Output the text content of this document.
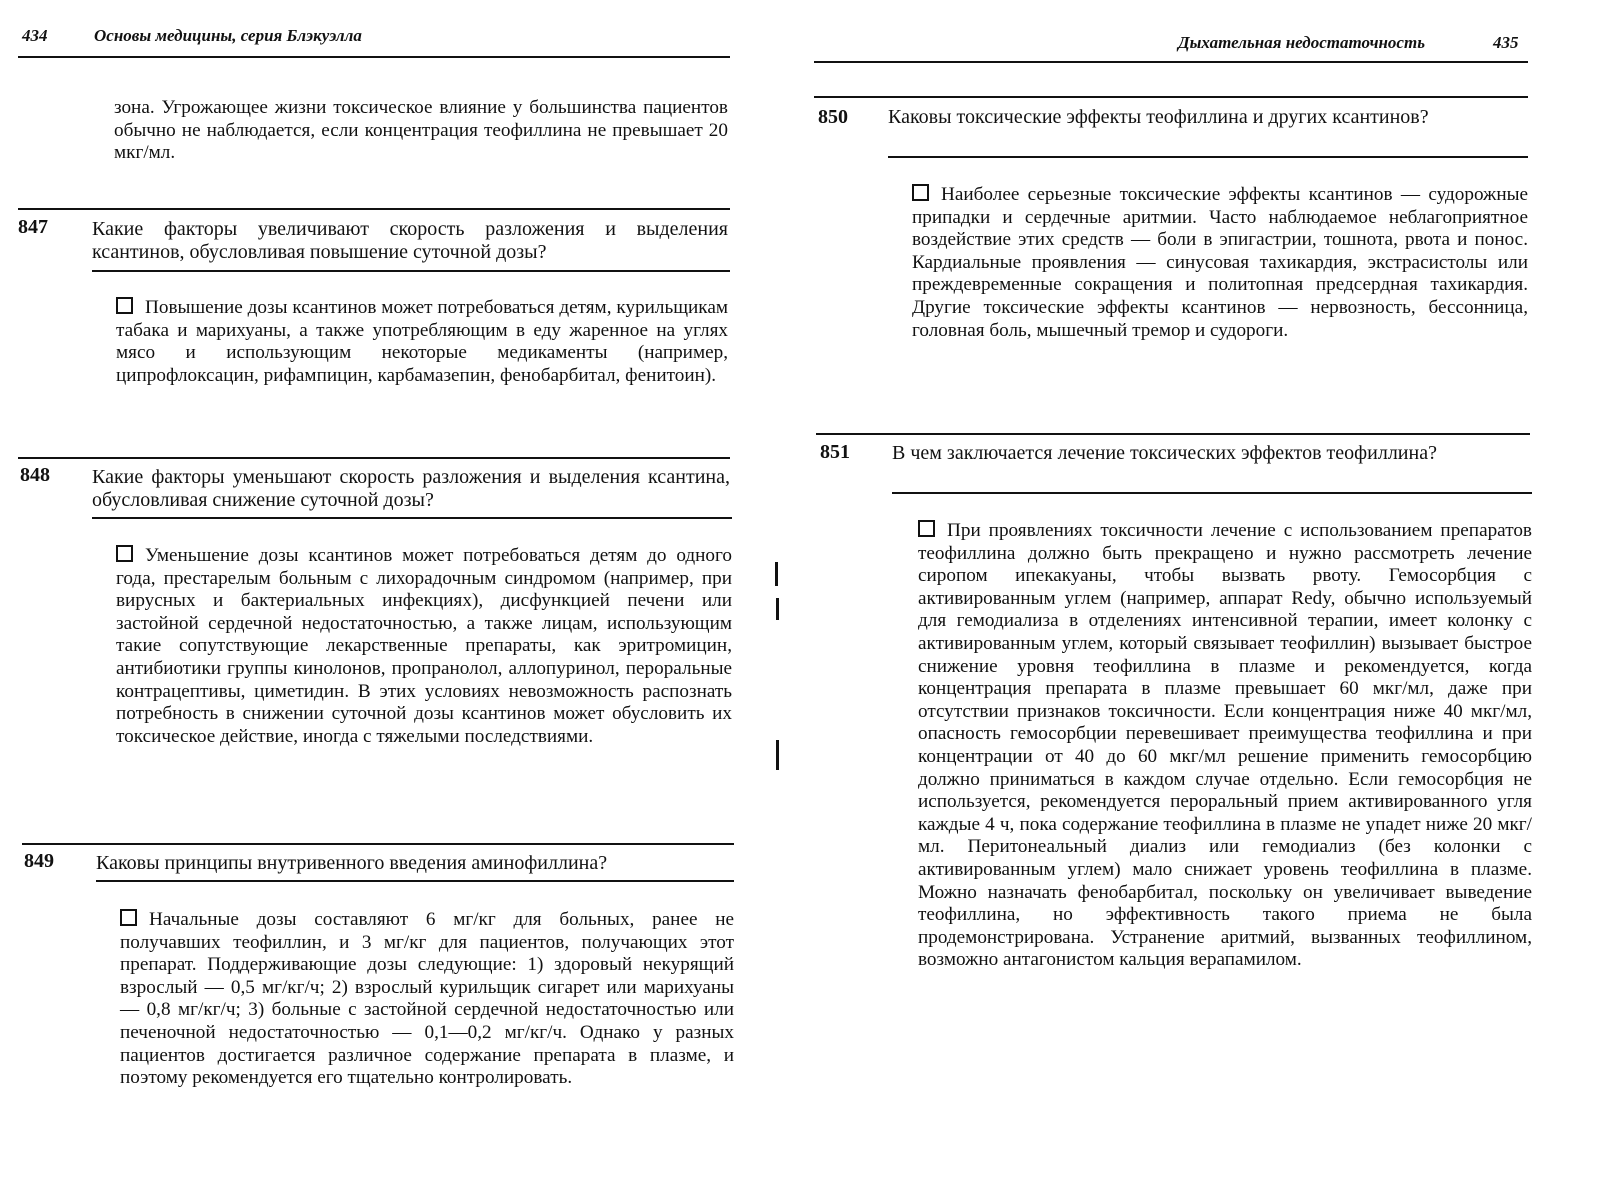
434	Основы медицины, серия Блэкуэлла
зона. Угрожающее жизни токсическое влияние у большинства пациентов обычно не наблюдается, если концентрация теофиллина не превышает 20 мкг/мл.
847 Какие факторы увеличивают скорость разложения и выделения ксантинов, обусловливая повышение суточной дозы?
Повышение дозы ксантинов может потребоваться детям, курильщикам табака и марихуаны, а также употребляющим в еду жаренное на углях мясо и использующим некоторые медикаменты (например, ципрофлоксацин, рифампицин, карбамазепин, фенобарбитал, фенитоин).
848 Какие факторы уменьшают скорость разложения и выделения ксантина, обусловливая снижение суточной дозы?
Уменьшение дозы ксантинов может потребоваться детям до одного года, престарелым больным с лихорадочным синдромом (например, при вирусных и бактериальных инфекциях), дисфункцией печени или застойной сердечной недостаточностью, а также лицам, использующим такие сопутствующие лекарственные препараты, как эритромицин, антибиотики группы кинолонов, пропранолол, аллопуринол, пероральные контрацептивы, циметидин. В этих условиях невозможность распознать потребность в снижении суточной дозы ксантинов может обусловить их токсическое действие, иногда с тяжелыми последствиями.
849 Каковы принципы внутривенного введения аминофиллина?
Начальные дозы составляют 6 мг/кг для больных, ранее не получавших теофиллин, и 3 мг/кг для пациентов, получающих этот препарат. Поддерживающие дозы следующие: 1) здоровый некурящий взрослый — 0,5 мг/кг/ч; 2) взрослый курильщик сигарет или марихуаны — 0,8 мг/кг/ч; 3) больные с застойной сердечной недостаточностью или печеночной недостаточностью — 0,1—0,2 мг/кг/ч. Однако у разных пациентов достигается различное содержание препарата в плазме, и поэтому рекомендуется его тщательно контролировать.
Дыхательная недостаточность	435
850 Каковы токсические эффекты теофиллина и других ксантинов?
Наиболее серьезные токсические эффекты ксантинов — судорожные припадки и сердечные аритмии. Часто наблюдаемое неблагоприятное воздействие этих средств — боли в эпигастрии, тошнота, рвота и понос. Кардиальные проявления — синусовая тахикардия, экстрасистолы или преждевременные сокращения и политопная предсердная тахикардия. Другие токсические эффекты ксантинов — нервозность, бессонница, головная боль, мышечный тремор и судороги.
851 В чем заключается лечение токсических эффектов теофиллина?
При проявлениях токсичности лечение с использованием препаратов теофиллина должно быть прекращено и нужно рассмотреть лечение сиропом ипекакуаны, чтобы вызвать рвоту. Гемосорбция с активированным углем (например, аппарат Redy, обычно используемый для гемодиализа в отделениях интенсивной терапии, имеет колонку с активированным углем, который связывает теофиллин) вызывает быстрое снижение уровня теофиллина в плазме и рекомендуется, когда концентрация препарата в плазме превышает 60 мкг/мл, даже при отсутствии признаков токсичности. Если концентрация ниже 40 мкг/мл, опасность гемосорбции перевешивает преимущества теофиллина и при концентрации от 40 до 60 мкг/мл решение применить гемосорбцию должно приниматься в каждом случае отдельно. Если гемосорбция не используется, рекомендуется пероральный прием активированного угля каждые 4 ч, пока содержание теофиллина в плазме не упадет ниже 20 мкг/мл. Перитонеальный диализ или гемодиализ (без колонки с активированным углем) мало снижает уровень теофиллина в плазме. Можно назначать фенобарбитал, поскольку он увеличивает выведение теофиллина, но эффективность такого приема не была продемонстрирована. Устранение аритмий, вызванных теофиллином, возможно антагонистом кальция верапамилом.
